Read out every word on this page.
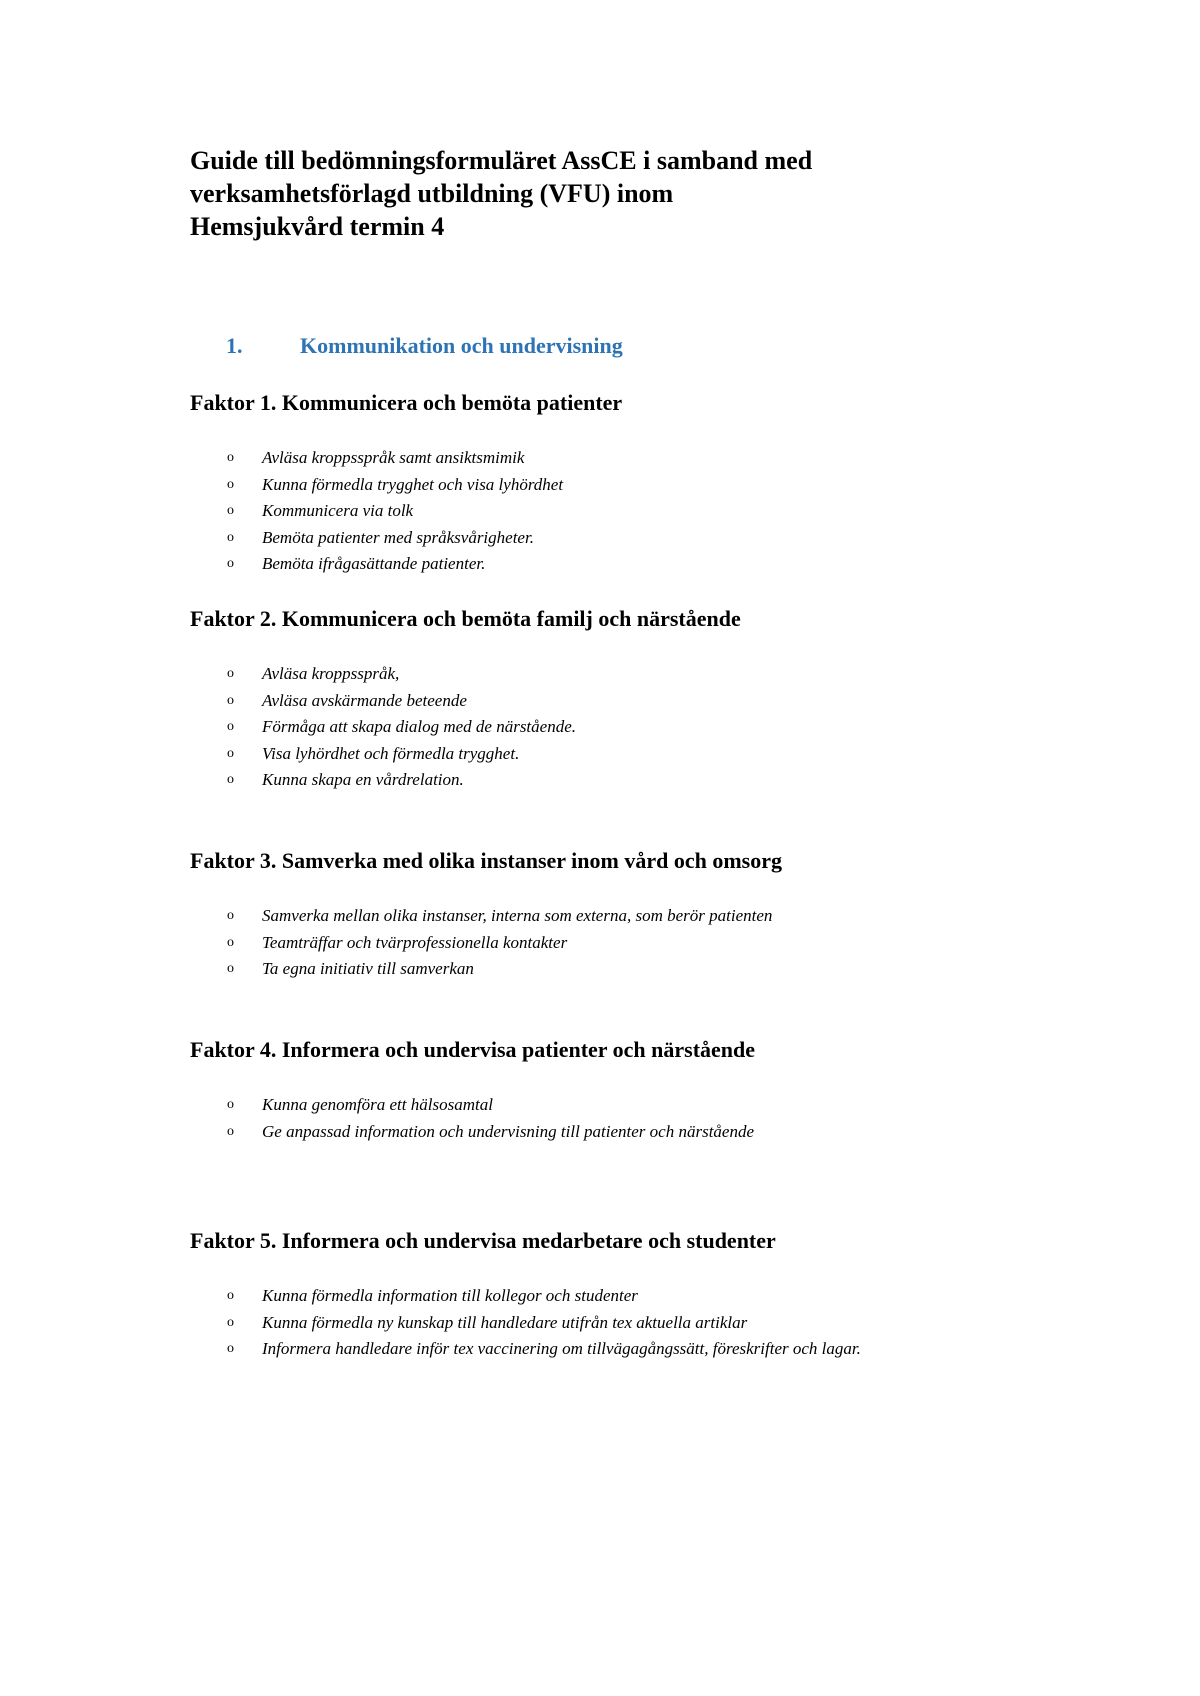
Guide till bedömningsformuläret AssCE i samband med
verksamhetsförlagd utbildning (VFU) inom
Hemsjukvård termin 4
1.	Kommunikation och undervisning
Faktor 1. Kommunicera och bemöta patienter
o Avläsa kroppsspråk samt ansiktsmimik
o Kunna förmedla trygghet och visa lyhördhet
o Kommunicera via tolk
o Bemöta patienter med språksvårigheter.
o Bemöta ifrågasättande patienter.
Faktor 2. Kommunicera och bemöta familj och närstående
o Avläsa kroppsspråk,
o Avläsa avskärmande beteende
o Förmåga att skapa dialog med de närstående.
o Visa lyhördhet och förmedla trygghet.
o Kunna skapa en vårdrelation.
Faktor 3. Samverka med olika instanser inom vård och omsorg
o Samverka mellan olika instanser, interna som externa, som berör patienten
o Teamträffar och tvärprofessionella kontakter
o Ta egna initiativ till samverkan
Faktor 4. Informera och undervisa patienter och närstående
o Kunna genomföra ett hälsosamtal
o Ge anpassad information och undervisning till patienter och närstående
Faktor 5. Informera och undervisa medarbetare och studenter
o Kunna förmedla information till kollegor och studenter
o Kunna förmedla ny kunskap till handledare utifrån tex aktuella artiklar
o Informera handledare inför tex vaccinering om tillvägagångssätt, föreskrifter och lagar.
